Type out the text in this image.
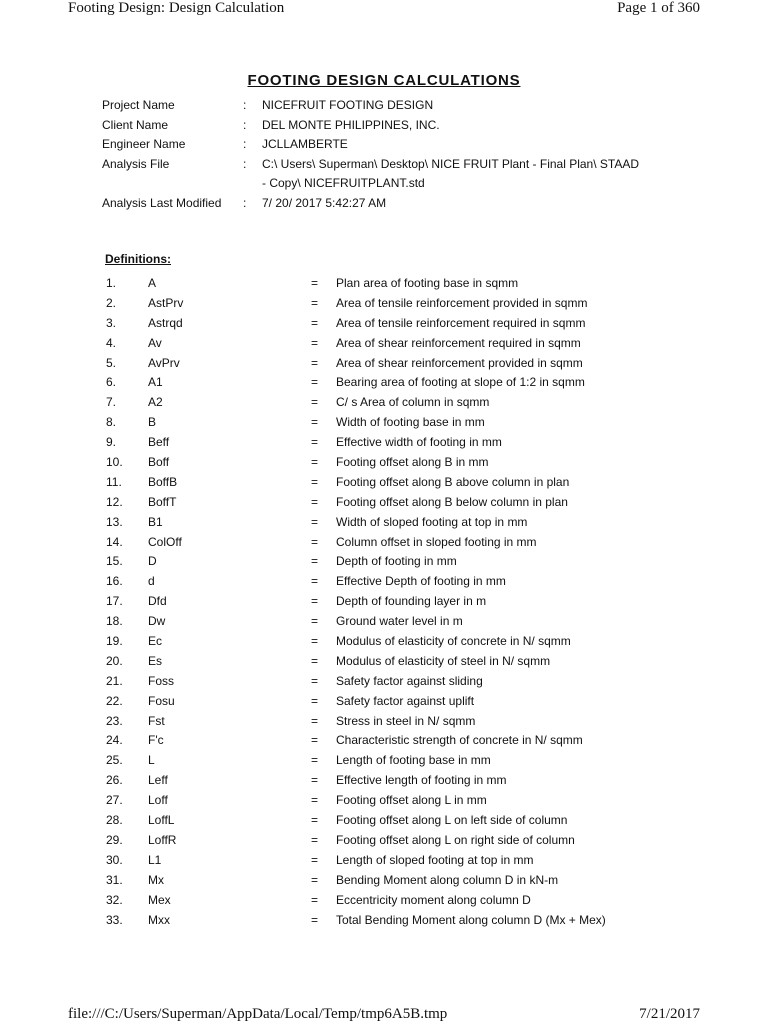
Footing Design: Design Calculation	Page 1 of 360
FOOTING DESIGN CALCULATIONS
Project Name	:	NICEFRUIT FOOTING DESIGN
Client Name	:	DEL MONTE PHILIPPINES, INC.
Engineer Name	:	JCLLAMBERTE
Analysis File	:	C:\ Users\ Superman\ Desktop\ NICE FRUIT Plant - Final Plan\ STAAD
- Copy\ NICEFRUITPLANT.std
Analysis Last Modified	:	7/ 20/ 2017 5:42:27 AM
Definitions:
1.	A	=	Plan area of footing base in sqmm
2.	AstPrv	=	Area of tensile reinforcement provided in sqmm
3.	Astrqd	=	Area of tensile reinforcement required in sqmm
4.	Av	=	Area of shear reinforcement required in sqmm
5.	AvPrv	=	Area of shear reinforcement provided in sqmm
6.	A1	=	Bearing area of footing at slope of 1:2 in sqmm
7.	A2	=	C/ s Area of column in sqmm
8.	B	=	Width of footing base in mm
9.	Beff	=	Effective width of footing in mm
10.	Boff	=	Footing offset along B in mm
11.	BoffB	=	Footing offset along B above column in plan
12.	BoffT	=	Footing offset along B below column in plan
13.	B1	=	Width of sloped footing at top in mm
14.	ColOff	=	Column offset in sloped footing in mm
15.	D	=	Depth of footing in mm
16.	d	=	Effective Depth of footing in mm
17.	Dfd	=	Depth of founding layer in m
18.	Dw	=	Ground water level in m
19.	Ec	=	Modulus of elasticity of concrete in N/ sqmm
20.	Es	=	Modulus of elasticity of steel in N/ sqmm
21.	Foss	=	Safety factor against sliding
22.	Fosu	=	Safety factor against uplift
23.	Fst	=	Stress in steel in N/ sqmm
24.	F'c	=	Characteristic strength of concrete in N/ sqmm
25.	L	=	Length of footing base in mm
26.	Leff	=	Effective length of footing in mm
27.	Loff	=	Footing offset along L in mm
28.	LoffL	=	Footing offset along L on left side of column
29.	LoffR	=	Footing offset along L on right side of column
30.	L1	=	Length of sloped footing at top in mm
31.	Mx	=	Bending Moment along column D in kN-m
32.	Mex	=	Eccentricity moment along column D
33.	Mxx	=	Total Bending Moment along column D (Mx + Mex)
file:///C:/Users/Superman/AppData/Local/Temp/tmp6A5B.tmp	7/21/2017
